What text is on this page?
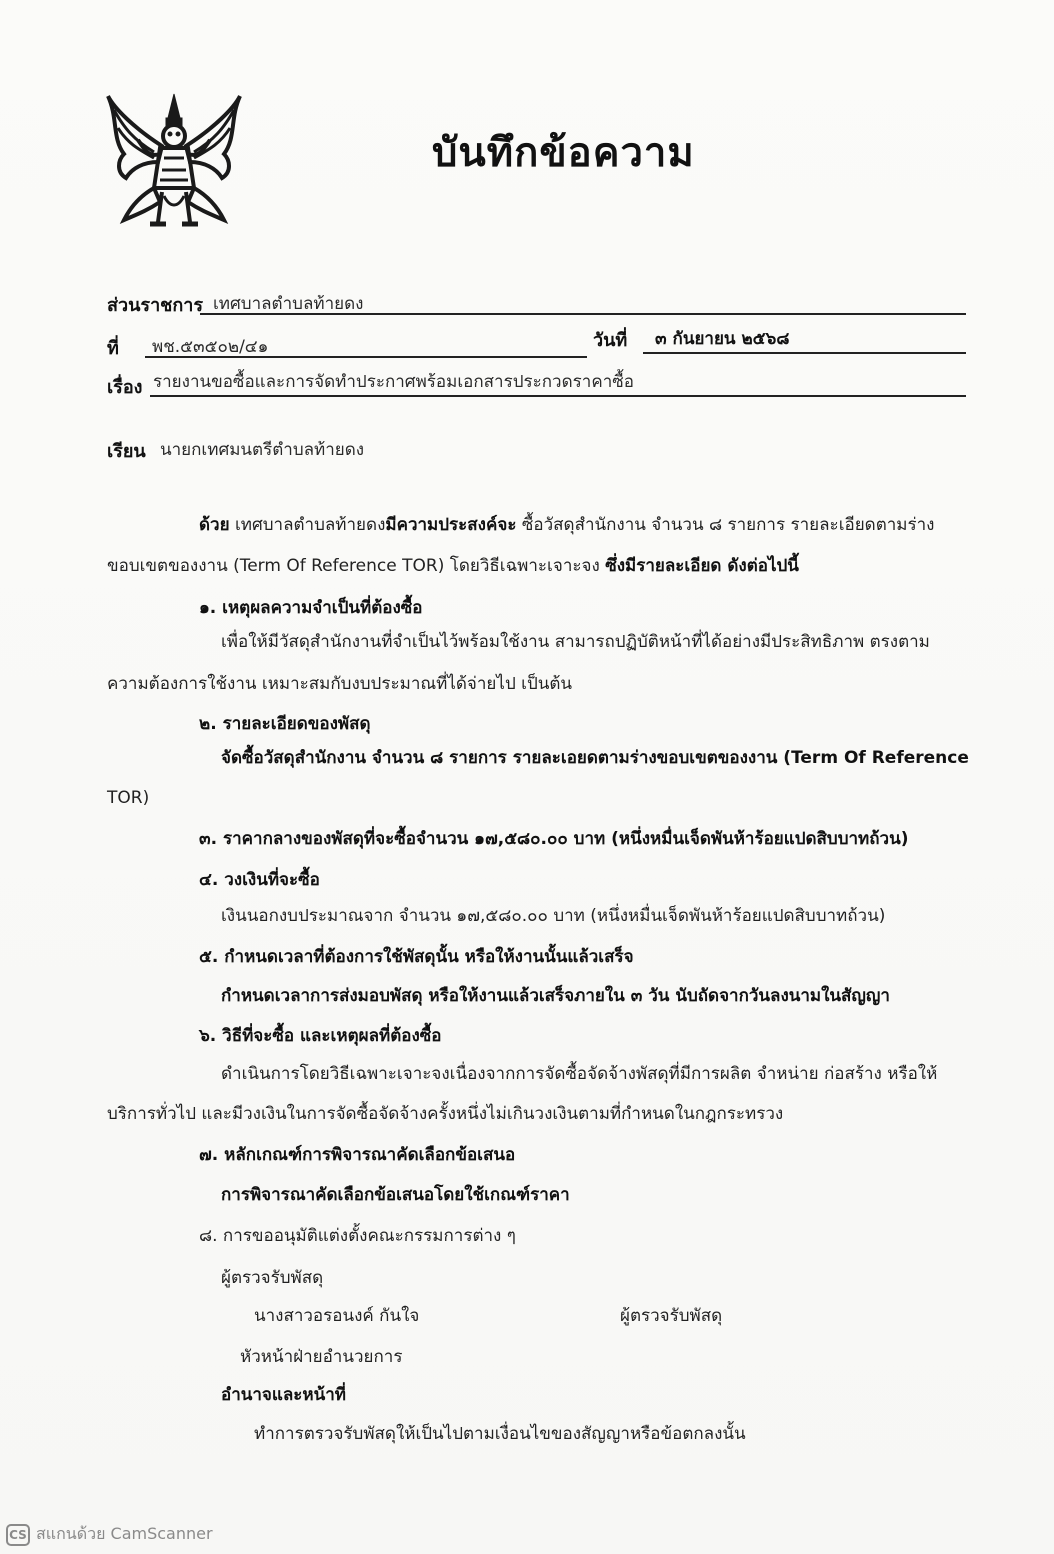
บันทึกข้อความ
ส่วนราชการ เทศบาลตำบลท้ายดง
ที่ พช.๕๓๕๐๒/๔๑	วันที่ ๓ กันยายน ๒๕๖๘
เรื่อง รายงานขอซื้อและการจัดทำประกาศพร้อมเอกสารประกวดราคาซื้อ
เรียน นายกเทศมนตรีตำบลท้ายดง
ด้วย เทศบาลตำบลท้ายดงมีความประสงค์จะ ซื้อวัสดุสำนักงาน จำนวน ๘ รายการ รายละเอียดตามร่าง
ขอบเขตของงาน (Term Of Reference TOR) โดยวิธีเฉพาะเจาะจง ซึ่งมีรายละเอียด ดังต่อไปนี้
๑. เหตุผลความจำเป็นที่ต้องซื้อ
เพื่อให้มีวัสดุสำนักงานที่จำเป็นไว้พร้อมใช้งาน สามารถปฏิบัติหน้าที่ได้อย่างมีประสิทธิภาพ ตรงตาม
ความต้องการใช้งาน เหมาะสมกับงบประมาณที่ได้จ่ายไป เป็นต้น
๒. รายละเอียดของพัสดุ
จัดซื้อวัสดุสำนักงาน จำนวน ๘ รายการ รายละเอยดตามร่างขอบเขตของงาน (Term Of Reference
TOR)
๓. ราคากลางของพัสดุที่จะซื้อจำนวน ๑๗,๕๘๐.๐๐ บาท (หนึ่งหมื่นเจ็ดพันห้าร้อยแปดสิบบาทถ้วน)
๔. วงเงินที่จะซื้อ
เงินนอกงบประมาณจาก จำนวน ๑๗,๕๘๐.๐๐ บาท (หนึ่งหมื่นเจ็ดพันห้าร้อยแปดสิบบาทถ้วน)
๕. กำหนดเวลาที่ต้องการใช้พัสดุนั้น หรือให้งานนั้นแล้วเสร็จ
กำหนดเวลาการส่งมอบพัสดุ หรือให้งานแล้วเสร็จภายใน ๓ วัน นับถัดจากวันลงนามในสัญญา
๖. วิธีที่จะซื้อ และเหตุผลที่ต้องซื้อ
ดำเนินการโดยวิธีเฉพาะเจาะจงเนื่องจากการจัดซื้อจัดจ้างพัสดุที่มีการผลิต จำหน่าย ก่อสร้าง หรือให้
บริการทั่วไป และมีวงเงินในการจัดซื้อจัดจ้างครั้งหนึ่งไม่เกินวงเงินตามที่กำหนดในกฎกระทรวง
๗. หลักเกณฑ์การพิจารณาคัดเลือกข้อเสนอ
การพิจารณาคัดเลือกข้อเสนอโดยใช้เกณฑ์ราคา
๘. การขออนุมัติแต่งตั้งคณะกรรมการต่าง ๆ
ผู้ตรวจรับพัสดุ
นางสาวอรอนงค์ กันใจ	ผู้ตรวจรับพัสดุ
หัวหน้าฝ่ายอำนวยการ
อำนาจและหน้าที่
ทำการตรวจรับพัสดุให้เป็นไปตามเงื่อนไขของสัญญาหรือข้อตกลงนั้น
CS สแกนด้วย CamScanner
